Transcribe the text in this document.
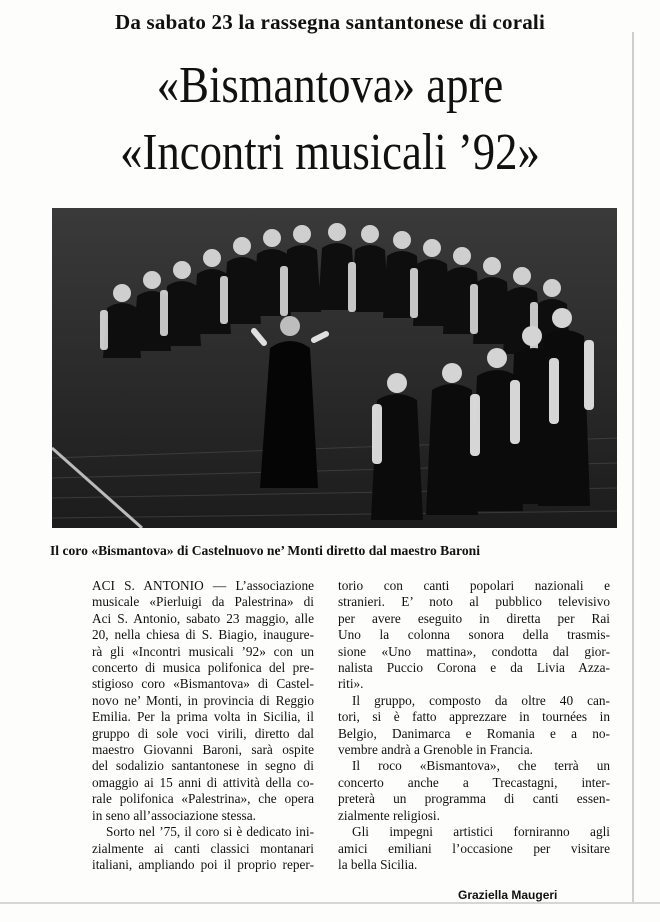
Da sabato 23 la rassegna santantonese di corali
«Bismantova» apre
«Incontri musicali ’92»
Il coro «Bismantova» di Castelnuovo ne’ Monti diretto dal maestro Baroni
ACI S. ANTONIO — L’associazione
musicale «Pierluigi da Palestrina» di
Aci S. Antonio, sabato 23 maggio, alle
20, nella chiesa di S. Biagio, inaugure-
rà gli «Incontri musicali ’92» con un
concerto di musica polifonica del pre-
stigioso coro «Bismantova» di Castel-
novo ne’ Monti, in provincia di Reggio
Emilia. Per la prima volta in Sicilia, il
gruppo di sole voci virili, diretto dal
maestro Giovanni Baroni, sarà ospite
del sodalizio santantonese in segno di
omaggio ai 15 anni di attività della co-
rale polifonica «Palestrina», che opera
in seno all’associazione stessa.
Sorto nel ’75, il coro si è dedicato ini-
zialmente ai canti classici montanari
italiani, ampliando poi il proprio reper-
torio con canti popolari nazionali e
stranieri. E’ noto al pubblico televisivo
per avere eseguito in diretta per Rai
Uno la colonna sonora della trasmis-
sione «Uno mattina», condotta dal gior-
nalista Puccio Corona e da Livia Azza-
riti».
Il gruppo, composto da oltre 40 can-
tori, si è fatto apprezzare in tournées in
Belgio, Danimarca e Romania e a no-
vembre andrà a Grenoble in Francia.
Il roco «Bismantova», che terrà un
concerto anche a Trecastagni, inter-
preterà un programma di canti essen-
zialmente religiosi.
Gli impegni artistici forniranno agli
amici emiliani l’occasione per visitare
la bella Sicilia.
Graziella Maugeri
